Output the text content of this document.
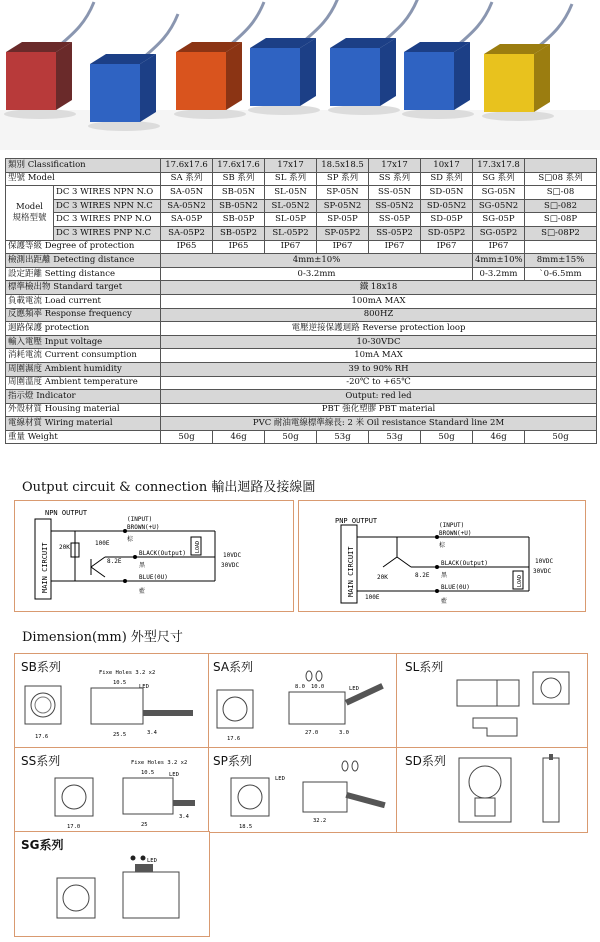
類別 Classification		17.6x17.6	17.6x17.6	17x17	18.5x18.5	17x17	10x17	17.3x17.8	
型號 Model		SA 系列	SB 系列	SL 系列	SP 系列	SS 系列	SD 系列	SG 系列	S□08 系列
Model
規格型號	DC 3 WIRES NPN N.O	SA-05N	SB-05N	SL-05N	SP-05N	SS-05N	SD-05N	SG-05N	S□-08
	DC 3 WIRES NPN N.C	SA-05N2	SB-05N2	SL-05N2	SP-05N2	SS-05N2	SD-05N2	SG-05N2	S□-082
	DC 3 WIRES PNP N.O	SA-05P	SB-05P	SL-05P	SP-05P	SS-05P	SD-05P	SG-05P	S□-08P
	DC 3 WIRES PNP N.C	SA-05P2	SB-05P2	SL-05P2	SP-05P2	SS-05P2	SD-05P2	SG-05P2	S□-08P2
保護等級 Degree of protection		IP65	IP65	IP67	IP67	IP67	IP67	IP67	
檢測出距離 Detecting distance		4mm±10%						4mm±10%	8mm±15%
設定距離 Setting distance		0-3.2mm						0-3.2mm	`0-6.5mm
標準檢出物 Standard target		鐵 18x18							
負載電流 Load current		100mA MAX							
反應頻率 Response frequency		800HZ							
迴路保護 protection		電壓逆接保護迴路 Reverse protection loop							
輸入電壓 Input voltage		10-30VDC							
消耗電流 Current consumption		10mA MAX							
周圍濕度 Ambient humidity		39 to 90% RH							
周圍溫度 Ambient temperature		-20℃ to +65℃							
指示燈 Indicator		Output: red led							
外殼材質 Housing material		PBT 強化塑膠 PBT material							
電線材質 Wiring material		PVC 耐油電線標準線長: 2 米 Oil resistance Standard line 2M							
重量 Weight		50g	46g	50g	53g	53g	50g	46g	50g
Output circuit & connection 輸出迴路及接線圖
MAIN CIRCUIT
NPN OUTPUT
20K
100E
8.2E
(INPUT)
BROWN(+U)
棕
BLACK(Output)
黑
BLUE(0U)
藍
LOAD
10VDC
30VDC	MAIN CIRCUIT
PNP OUTPUT
20K
100E
8.2E
(INPUT)
BROWN(+U)
棕
BLACK(Output)
黑
BLUE(0U)
藍
LOAD
10VDC
30VDC
Dimension(mm) 外型尺寸
SB系列	Fixe Holes 3.2 x2
10.5
LED
25.5	3.4
17.6
SA系列
8.0 10.0	LED
27.0	3.0
17.6
SL系列
SS系列	Fixe Holes 3.2 x2
10.5	LED
17.0	25
3.4
SP系列
LED
32.2
18.5
SD系列
SG系列
LED
